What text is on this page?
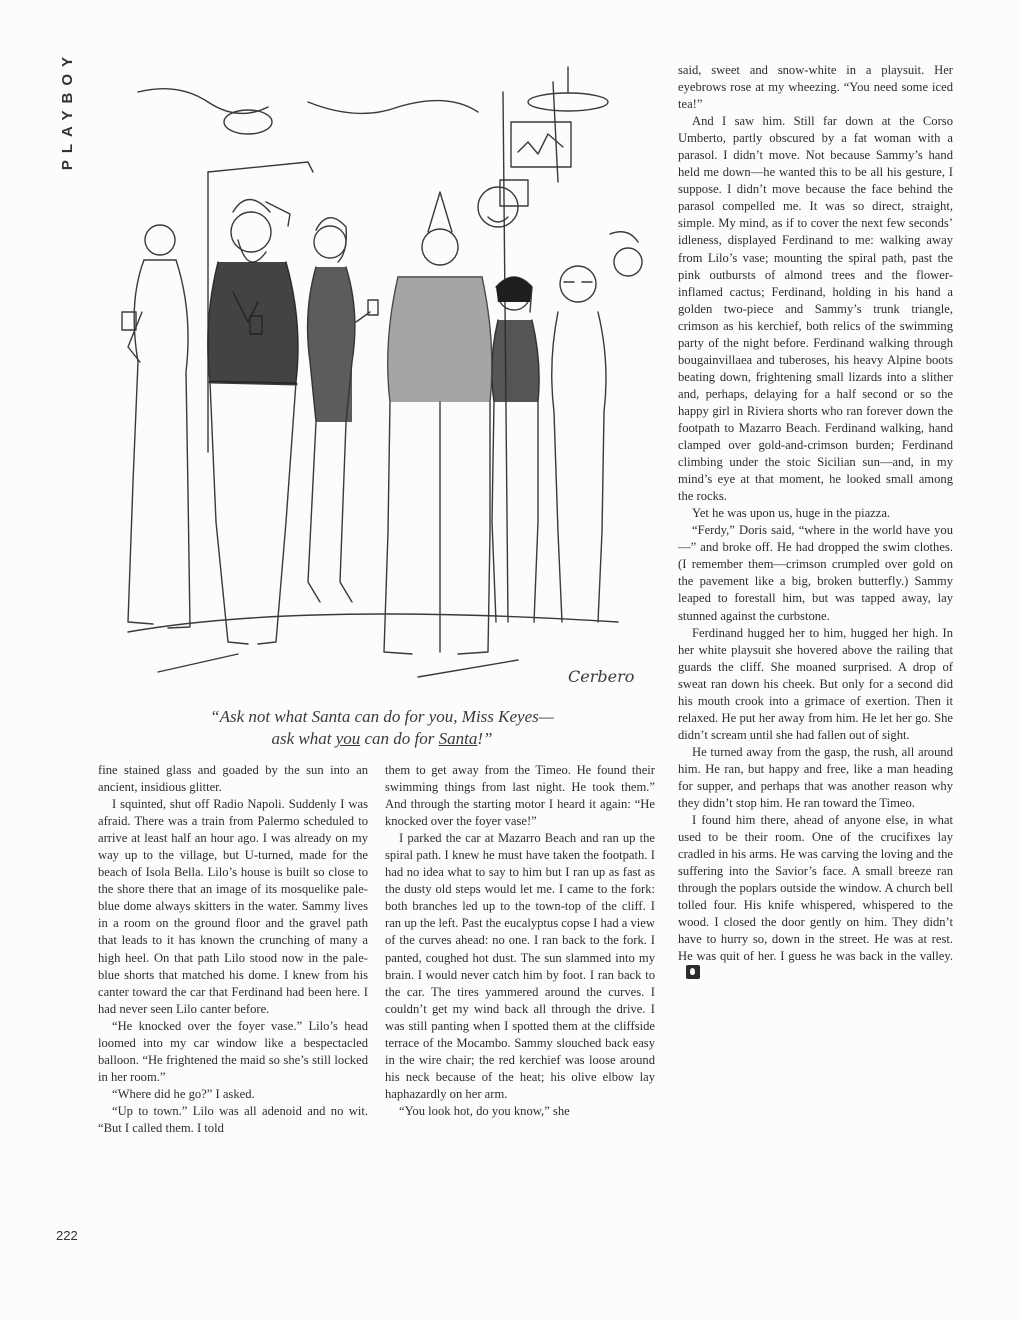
PLAYBOY
Cerbero
“Ask not what Santa can do for you, Miss Keyes—
ask what you can do for Santa!”

fine stained glass and goaded by the sun into an ancient, insidious glitter.

I squinted, shut off Radio Napoli. Suddenly I was afraid. There was a train from Palermo scheduled to arrive at least half an hour ago. I was already on my way up to the village, but U-turned, made for the beach of Isola Bella. Lilo’s house is built so close to the shore there that an image of its mosquelike pale-blue dome always skitters in the water. Sammy lives in a room on the ground floor and the gravel path that leads to it has known the crunching of many a high heel. On that path Lilo stood now in the pale-blue shorts that matched his dome. I knew from his canter toward the car that Ferdinand had been here. I had never seen Lilo canter before.

“He knocked over the foyer vase.” Lilo’s head loomed into my car window like a bespectacled balloon. “He frightened the maid so she’s still locked in her room.”

“Where did he go?” I asked.

“Up to town.” Lilo was all adenoid and no wit. “But I called them. I told

them to get away from the Timeo. He found their swimming things from last night. He took them.” And through the starting motor I heard it again: “He knocked over the foyer vase!”

I parked the car at Mazarro Beach and ran up the spiral path. I knew he must have taken the footpath. I had no idea what to say to him but I ran up as fast as the dusty old steps would let me. I came to the fork: both branches led up to the town-top of the cliff. I ran up the left. Past the eucalyptus copse I had a view of the curves ahead: no one. I ran back to the fork. I panted, coughed hot dust. The sun slammed into my brain. I would never catch him by foot. I ran back to the car. The tires yammered around the curves. I couldn’t get my wind back all through the drive. I was still panting when I spotted them at the cliffside terrace of the Mocambo. Sammy slouched back easy in the wire chair; the red kerchief was loose around his neck because of the heat; his olive elbow lay haphazardly on her arm.

“You look hot, do you know,” she

said, sweet and snow-white in a playsuit. Her eyebrows rose at my wheezing. “You need some iced tea!”

And I saw him. Still far down at the Corso Umberto, partly obscured by a fat woman with a parasol. I didn’t move. Not because Sammy’s hand held me down—he wanted this to be all his gesture, I suppose. I didn’t move because the face behind the parasol compelled me. It was so direct, straight, simple. My mind, as if to cover the next few seconds’ idleness, displayed Ferdinand to me: walking away from Lilo’s vase; mounting the spiral path, past the pink outbursts of almond trees and the flower-inflamed cactus; Ferdinand, holding in his hand a golden two-piece and Sammy’s trunk triangle, crimson as his kerchief, both relics of the swimming party of the night before. Ferdinand walking through bougainvillaea and tuberoses, his heavy Alpine boots beating down, frightening small lizards into a slither and, perhaps, delaying for a half second or so the happy girl in Riviera shorts who ran forever down the footpath to Mazarro Beach. Ferdinand walking, hand clamped over gold-and-crimson burden; Ferdinand climbing under the stoic Sicilian sun—and, in my mind’s eye at that moment, he looked small among the rocks.

Yet he was upon us, huge in the piazza.

“Ferdy,” Doris said, “where in the world have you—” and broke off. He had dropped the swim clothes. (I remember them—crimson crumpled over gold on the pavement like a big, broken butterfly.) Sammy leaped to forestall him, but was tapped away, lay stunned against the curbstone.

Ferdinand hugged her to him, hugged her high. In her white playsuit she hovered above the railing that guards the cliff. She moaned surprised. A drop of sweat ran down his cheek. But only for a second did his mouth crook into a grimace of exertion. Then it relaxed. He put her away from him. He let her go. She didn’t scream until she had fallen out of sight.

He turned away from the gasp, the rush, all around him. He ran, but happy and free, like a man heading for supper, and perhaps that was another reason why they didn’t stop him. He ran toward the Timeo.

I found him there, ahead of anyone else, in what used to be their room. One of the crucifixes lay cradled in his arms. He was carving the loving and the suffering into the Savior’s face. A small breeze ran through the poplars outside the window. A church bell tolled four. His knife whispered, whispered to the wood. I closed the door gently on him. They didn’t have to hurry so, down in the street. He was at rest. He was quit of her. I guess he was back in the valley.

222
